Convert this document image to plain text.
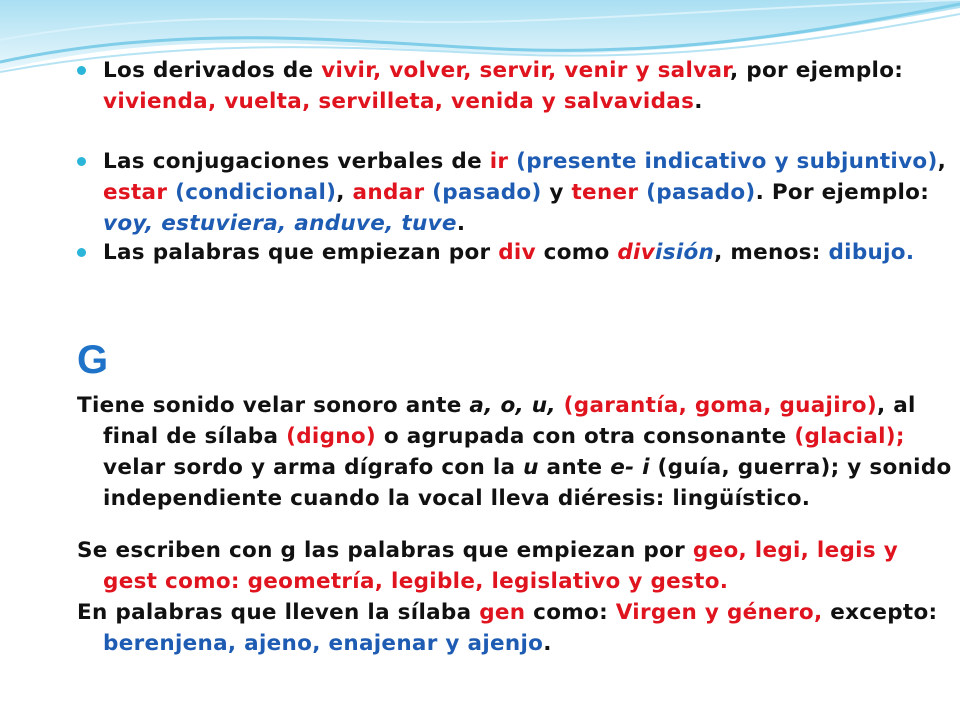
Los derivados de vivir, volver, servir, venir y salvar, por ejemplo: vivienda, vuelta, servilleta, venida y salvavidas.
Las conjugaciones verbales de ir (presente indicativo y subjuntivo), estar (condicional), andar (pasado) y tener (pasado). Por ejemplo: voy, estuviera, anduve, tuve.
Las palabras que empiezan por div como división, menos: dibujo.
G
Tiene sonido velar sonoro ante a, o, u, (garantía, goma, guajiro), al final de sílaba (digno) o agrupada con otra consonante (glacial); velar sordo y arma dígrafo con la u ante e- i (guía, guerra); y sonido independiente cuando la vocal lleva diéresis: lingüístico.
Se escriben con g las palabras que empiezan por geo, legi, legis y gest como: geometría, legible, legislativo y gesto.
En palabras que lleven la sílaba gen como: Virgen y género, excepto: berenjena, ajeno, enajenar y ajenjo.
